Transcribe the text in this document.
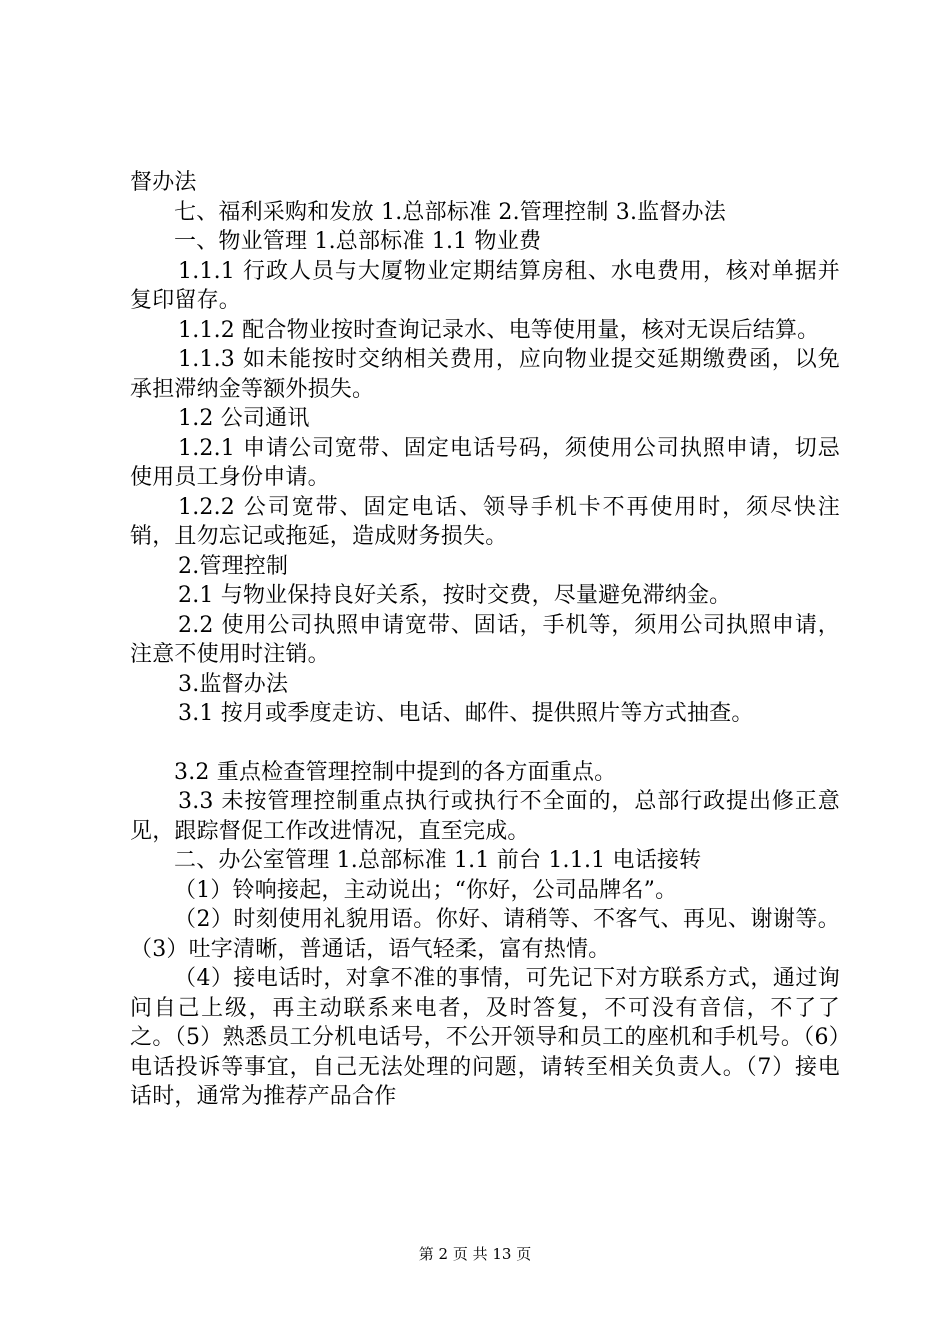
督办法

七、福利采购和发放 1.总部标准 2.管理控制 3.监督办法

一、物业管理 1.总部标准 1.1 物业费

1.1.1 行政人员与大厦物业定期结算房租、水电费用，核对单据并复印留存。

1.1.2 配合物业按时查询记录水、电等使用量，核对无误后结算。

1.1.3 如未能按时交纳相关费用，应向物业提交延期缴费函，以免承担滞纳金等额外损失。

1.2 公司通讯

1.2.1 申请公司宽带、固定电话号码，须使用公司执照申请，切忌使用员工身份申请。

1.2.2 公司宽带、固定电话、领导手机卡不再使用时，须尽快注销，且勿忘记或拖延，造成财务损失。

2.管理控制

2.1 与物业保持良好关系，按时交费，尽量避免滞纳金。

2.2 使用公司执照申请宽带、固话，手机等，须用公司执照申请，注意不使用时注销。

3.监督办法

3.1 按月或季度走访、电话、邮件、提供照片等方式抽查。

3.2 重点检查管理控制中提到的各方面重点。

3.3 未按管理控制重点执行或执行不全面的，总部行政提出修正意见，跟踪督促工作改进情况，直至完成。

二、办公室管理 1.总部标准 1.1 前台 1.1.1 电话接转

（1）铃响接起，主动说出；“你好，公司品牌名”。

（2）时刻使用礼貌用语。你好、请稍等、不客气、再见、谢谢等。（3）吐字清晰，普通话，语气轻柔，富有热情。

（4）接电话时，对拿不准的事情，可先记下对方联系方式，通过询问自己上级，再主动联系来电者，及时答复，不可没有音信，不了了之。（5）熟悉员工分机电话号，不公开领导和员工的座机和手机号。（6）电话投诉等事宜，自己无法处理的问题，请转至相关负责人。（7）接电话时，通常为推荐产品合作

第 2 页 共 13 页
